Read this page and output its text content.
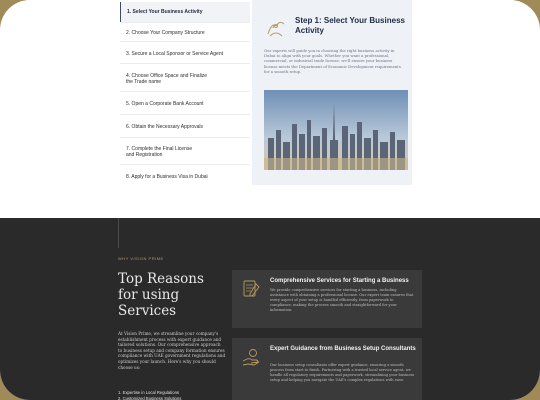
1. Select Your Business Activity
2. Choose Your Company Structure
3. Secure a Local Sponsor or Service Agent
4. Choose Office Space and Finalize
the Trade name
5. Open a Corporate Bank Account
6. Obtain the Necessary Approvals
7. Complete the Final License
and Registration
8. Apply for a Business Visa in Dubai
Step 1: Select Your Business Activity
Our experts will guide you in choosing the right business activity in Dubai to align with your goals. Whether you want a professional, commercial, or industrial trade license, we'll ensure your business license meets the Department of Economic Development requirements for a smooth setup.
WHY VISION PRIME
Top Reasons
for using
Services
At Vision Prime, we streamline your company's establishment process with expert guidance and tailored solutions. Our comprehensive approach to business setup and company formation ensures compliance with UAE government regulations and optimizes your launch. Here's why you should choose us:
1. Expertise in Local Regulations
2. Customized Business Solutions
Comprehensive Services for Starting a Business
We provide comprehensive services for starting a business, including assistance with obtaining a professional license. Our expert team ensures that every aspect of your setup is handled efficiently, from paperwork to compliance, making the process smooth and straightforward for your information.
Expert Guidance from Business Setup Consultants
Our business setup consultants offer expert guidance, ensuring a smooth process from start to finish. Partnering with a trusted local service agent, we handle all regulatory requirements and paperwork, streamlining your business setup and helping you navigate the UAE's complex regulations with ease.
